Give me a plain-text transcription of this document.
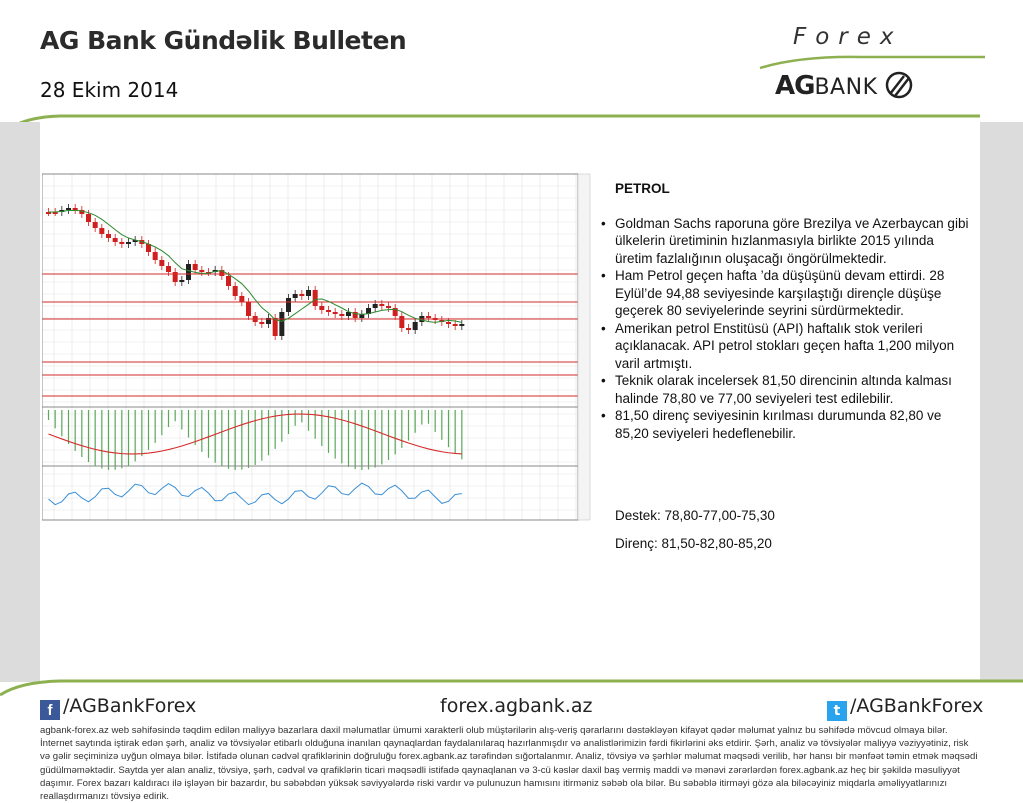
AG Bank Gündəlik Bulleten
28 Ekim 2014
Forex
AGBANK
PETROL
• Goldman Sachs raporuna göre Brezilya ve Azerbaycan gibi ülkelerin üretiminin hızlanmasıyla birlikte 2015 yılında üretim fazlalığının oluşacağı öngörülmektedir.
• Ham Petrol geçen hafta ’da düşüşünü devam ettirdi. 28 Eylül’de 94,88 seviyesinde karşılaştığı dirençle düşüşe geçerek 80 seviyelerinde seyrini sürdürmektedir.
• Amerikan petrol Enstitüsü (API) haftalık stok verileri açıklanacak. API petrol stokları geçen hafta 1,200 milyon varil artmıştı.
• Teknik olarak incelersek 81,50 direncinin altında kalması halinde 78,80 ve 77,00 seviyeleri test edilebilir.
• 81,50 direnç seviyesinin kırılması durumunda 82,80 ve 85,20 seviyeleri hedeflenebilir.
Destek: 78,80-77,00-75,30
Direnç: 81,50-82,80-85,20
f /AGBankForex	forex.agbank.az	t /AGBankForex
agbank-forex.az web səhifəsində təqdim edilən maliyyə bazarlara daxil məlumatlar ümumi xarakterli olub müştərilərin alış-veriş qərarlarını dəstəkləyən kifayət qədər məlumat yalnız bu səhifədə mövcud olmaya bilər. İnternet saytında iştirak edən şərh, analiz və tövsiyələr etibarlı olduğuna inanılan qaynaqlardan faydalanılaraq hazırlanmışdır və analistlərimizin fərdi fikirlərini əks etdirir. Şərh, analiz və tövsiyələr maliyyə vəziyyətiniz, risk və gəlir seçiminizə uyğun olmaya bilər. İstifadə olunan cədvəl qrafiklərinin doğruluğu forex.agbank.az tərəfindən sığortalanmır. Analiz, tövsiyə və şərhlər məlumat məqsədi verilib, hər hansı bir mənfəət təmin etmək məqsədi güdülməməktədir. Saytda yer alan analiz, tövsiyə, şərh, cədvəl və qrafiklərin ticari məqsədli istifadə qaynaqlanan və 3-cü kəslər daxil baş vermiş maddi və mənəvi zərərlərdən forex.agbank.az heç bir şəkildə məsuliyyət daşımır. Forex bazarı kaldıracı ilə işləyən bir bazardır, bu səbəbdən yüksək səviyyələrdə riski vardır və pulunuzun hamısını itirməniz səbəb ola bilər. Bu səbəblə itirməyi gözə ala biləcəyiniz miqdarla əməliyyatlarınızı reallaşdırmanızı tövsiyə edirik.
